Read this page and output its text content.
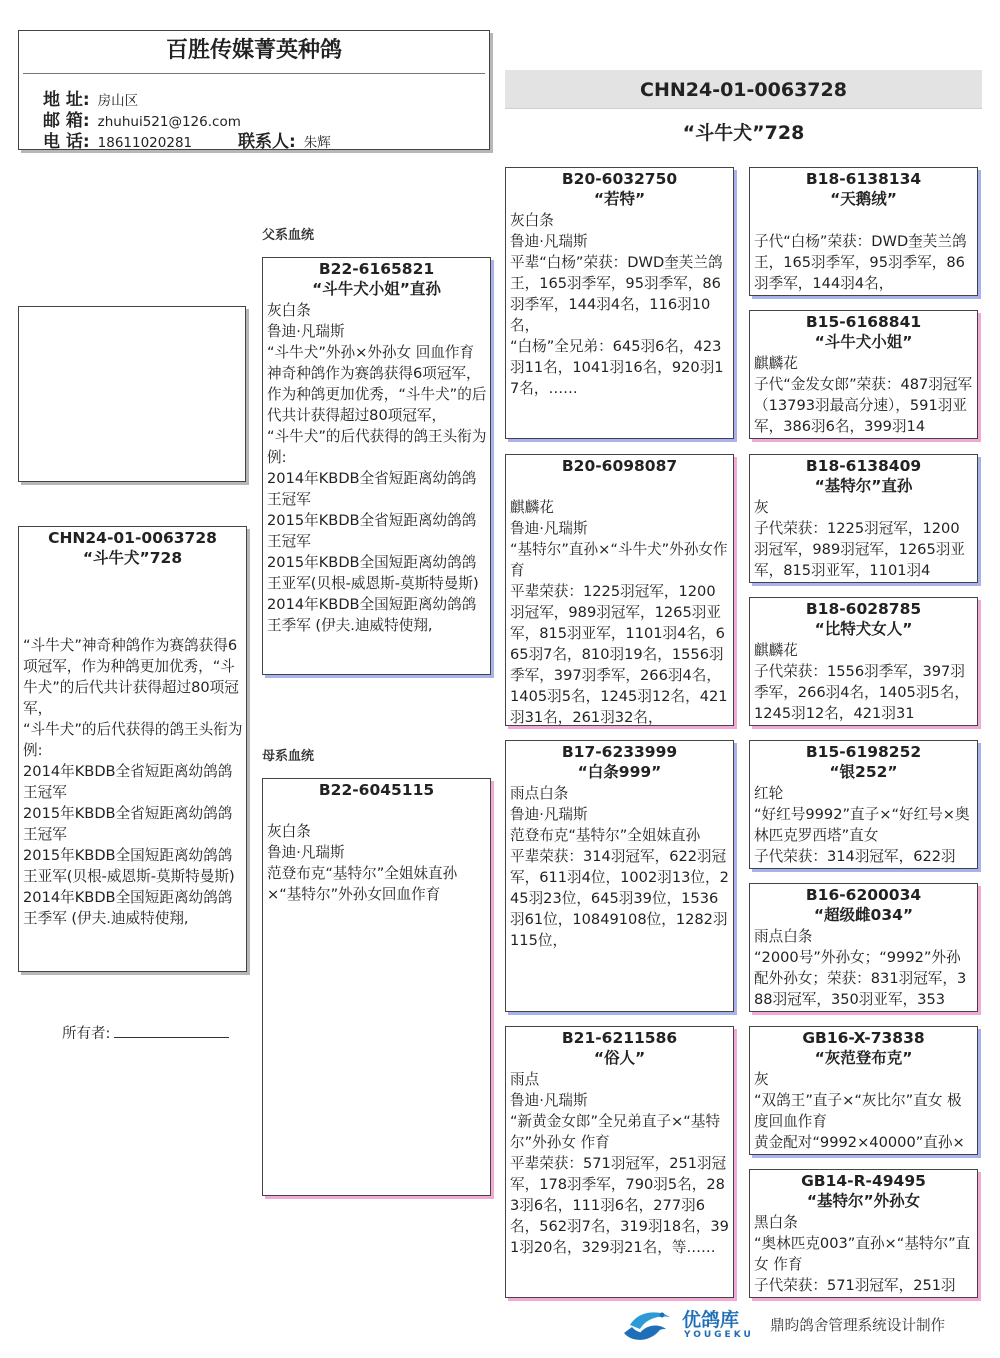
百胜传媒菁英种鸽
地 址: 房山区
邮 箱: zhuhui521@126.com
电 话: 18611020281	联系人: 朱辉
CHN24-01-0063728
“斗牛犬”728
父系血统
母系血统
CHN24-01-0063728
“斗牛犬”728
“斗牛犬”神奇种鸽作为赛鸽获得6项冠军，作为种鸽更加优秀，“斗牛犬”的后代共计获得超过80项冠军，
“斗牛犬”的后代获得的鸽王头衔为例:
2014年KBDB全省短距离幼鸽鸽王冠军
2015年KBDB全省短距离幼鸽鸽王冠军
2015年KBDB全国短距离幼鸽鸽王亚军(贝根-威恩斯-莫斯特曼斯)
2014年KBDB全国短距离幼鸽鸽王季军 (伊夫.迪威特使翔,
所有者:
B22-6165821
“斗牛犬小姐”直孙
灰白条
鲁迪·凡瑞斯
“斗牛犬”外孙×外孙女 回血作育
神奇种鸽作为赛鸽获得6项冠军，作为种鸽更加优秀，“斗牛犬”的后代共计获得超过80项冠军，
“斗牛犬”的后代获得的鸽王头衔为例:
2014年KBDB全省短距离幼鸽鸽王冠军
2015年KBDB全省短距离幼鸽鸽王冠军
2015年KBDB全国短距离幼鸽鸽王亚军(贝根-威恩斯-莫斯特曼斯)
2014年KBDB全国短距离幼鸽鸽王季军 (伊夫.迪威特使翔,
B22-6045115
灰白条
鲁迪·凡瑞斯
范登布克“基特尔”全姐妹直孙×“基特尔”外孙女回血作育
B20-6032750
“若特”
灰白条
鲁迪·凡瑞斯
平辈“白杨”荣获：DWD奎芙兰鸽王，165羽季军，95羽季军，86羽季军，144羽4名，116羽10名，
“白杨”全兄弟：645羽6名，423羽11名，1041羽16名，920羽17名，……
B20-6098087
麒麟花
鲁迪·凡瑞斯
“基特尔”直孙×“斗牛犬”外孙女作育
平辈荣获：1225羽冠军，1200羽冠军，989羽冠军，1265羽亚军，815羽亚军，1101羽4名，665羽7名，810羽19名，1556羽季军，397羽季军，266羽4名，1405羽5名，1245羽12名，421羽31名，261羽32名，
B17-6233999
“白条999”
雨点白条
鲁迪·凡瑞斯
范登布克“基特尔”全姐妹直孙
平辈荣获：314羽冠军，622羽冠军，611羽4位，1002羽13位，245羽23位，645羽39位，1536羽61位，10849108位，1282羽115位，
B21-6211586
“俗人”
雨点
鲁迪·凡瑞斯
“新黄金女郎”全兄弟直子×“基特尔”外孙女 作育
平辈荣获：571羽冠军，251羽冠军，178羽季军，790羽5名，283羽6名，111羽6名，277羽6名，562羽7名，319羽18名，391羽20名，329羽21名，等……
B18-6138134
“天鹅绒”
子代“白杨”荣获：DWD奎芙兰鸽王，165羽季军，95羽季军，86羽季军，144羽4名，
B15-6168841
“斗牛犬小姐”
麒麟花
子代“金发女郎”荣获：487羽冠军（13793羽最高分速），591羽亚军，386羽6名，399羽14
B18-6138409
“基特尔”直孙
灰
子代荣获：1225羽冠军，1200羽冠军，989羽冠军，1265羽亚军，815羽亚军，1101羽4
B18-6028785
“比特犬女人”
麒麟花
子代荣获：1556羽季军，397羽季军，266羽4名，1405羽5名，1245羽12名，421羽31
B15-6198252
“银252”
红轮
“好红号9992”直子×“好红号×奥林匹克罗西塔”直女
子代荣获：314羽冠军，622羽
B16-6200034
“超级雌034”
雨点白条
“2000号”外孙女；“9992”外孙配外孙女；荣获：831羽冠军，388羽冠军，350羽亚军，353
GB16-X-73838
“灰范登布克”
灰
“双鸽王”直子×“灰比尔”直女 极度回血作育
黄金配对“9992×40000”直孙×
GB14-R-49495
“基特尔”外孙女
黑白条
“奥林匹克003”直孙×“基特尔”直女 作育
子代荣获：571羽冠军，251羽
优鸽库
YOUGEKU
鼎昀鸽舍管理系统设计制作
